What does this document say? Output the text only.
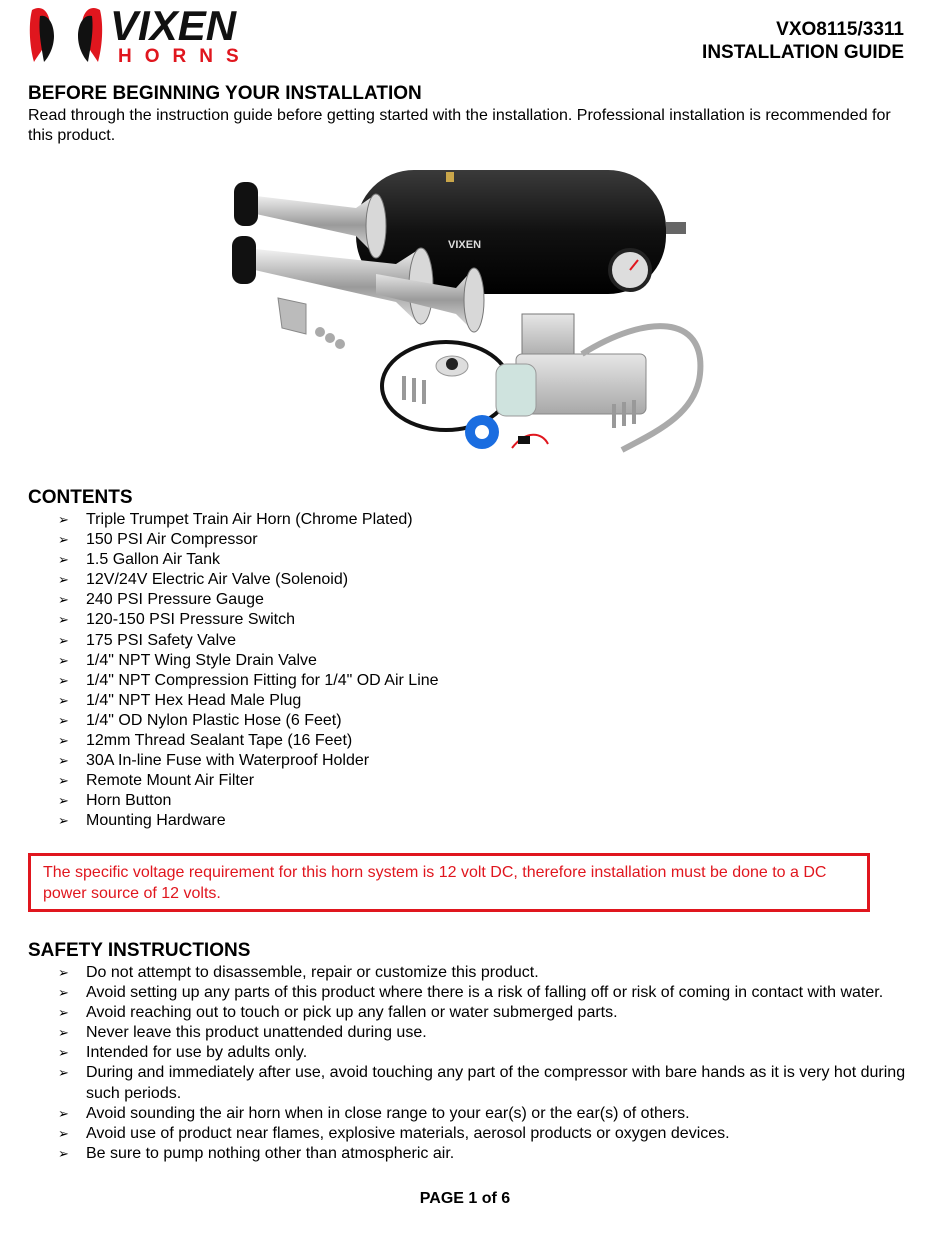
VIXEN
HORNS
VXO8115/3311
INSTALLATION GUIDE
BEFORE BEGINNING YOUR INSTALLATION
Read through the instruction guide before getting started with the installation. Professional installation is recommended for this product.
VIXEN
CONTENTS
➢ Triple Trumpet Train Air Horn (Chrome Plated)
➢ 150 PSI Air Compressor
➢ 1.5 Gallon Air Tank
➢ 12V/24V Electric Air Valve (Solenoid)
➢ 240 PSI Pressure Gauge
➢ 120-150 PSI Pressure Switch
➢ 175 PSI Safety Valve
➢ 1/4" NPT Wing Style Drain Valve
➢ 1/4" NPT Compression Fitting for 1/4" OD Air Line
➢ 1/4" NPT Hex Head Male Plug
➢ 1/4" OD Nylon Plastic Hose (6 Feet)
➢ 12mm Thread Sealant Tape (16 Feet)
➢ 30A In-line Fuse with Waterproof Holder
➢ Remote Mount Air Filter
➢ Horn Button
➢ Mounting Hardware
The specific voltage requirement for this horn system is 12 volt DC, therefore installation must be done to a DC power source of 12 volts.
SAFETY INSTRUCTIONS
➢ Do not attempt to disassemble, repair or customize this product.
➢ Avoid setting up any parts of this product where there is a risk of falling off or risk of coming in contact with water.
➢ Avoid reaching out to touch or pick up any fallen or water submerged parts.
➢ Never leave this product unattended during use.
➢ Intended for use by adults only.
➢ During and immediately after use, avoid touching any part of the compressor with bare hands as it is very hot during such periods.
➢ Avoid sounding the air horn when in close range to your ear(s) or the ear(s) of others.
➢ Avoid use of product near flames, explosive materials, aerosol products or oxygen devices.
➢ Be sure to pump nothing other than atmospheric air.
PAGE 1 of 6
